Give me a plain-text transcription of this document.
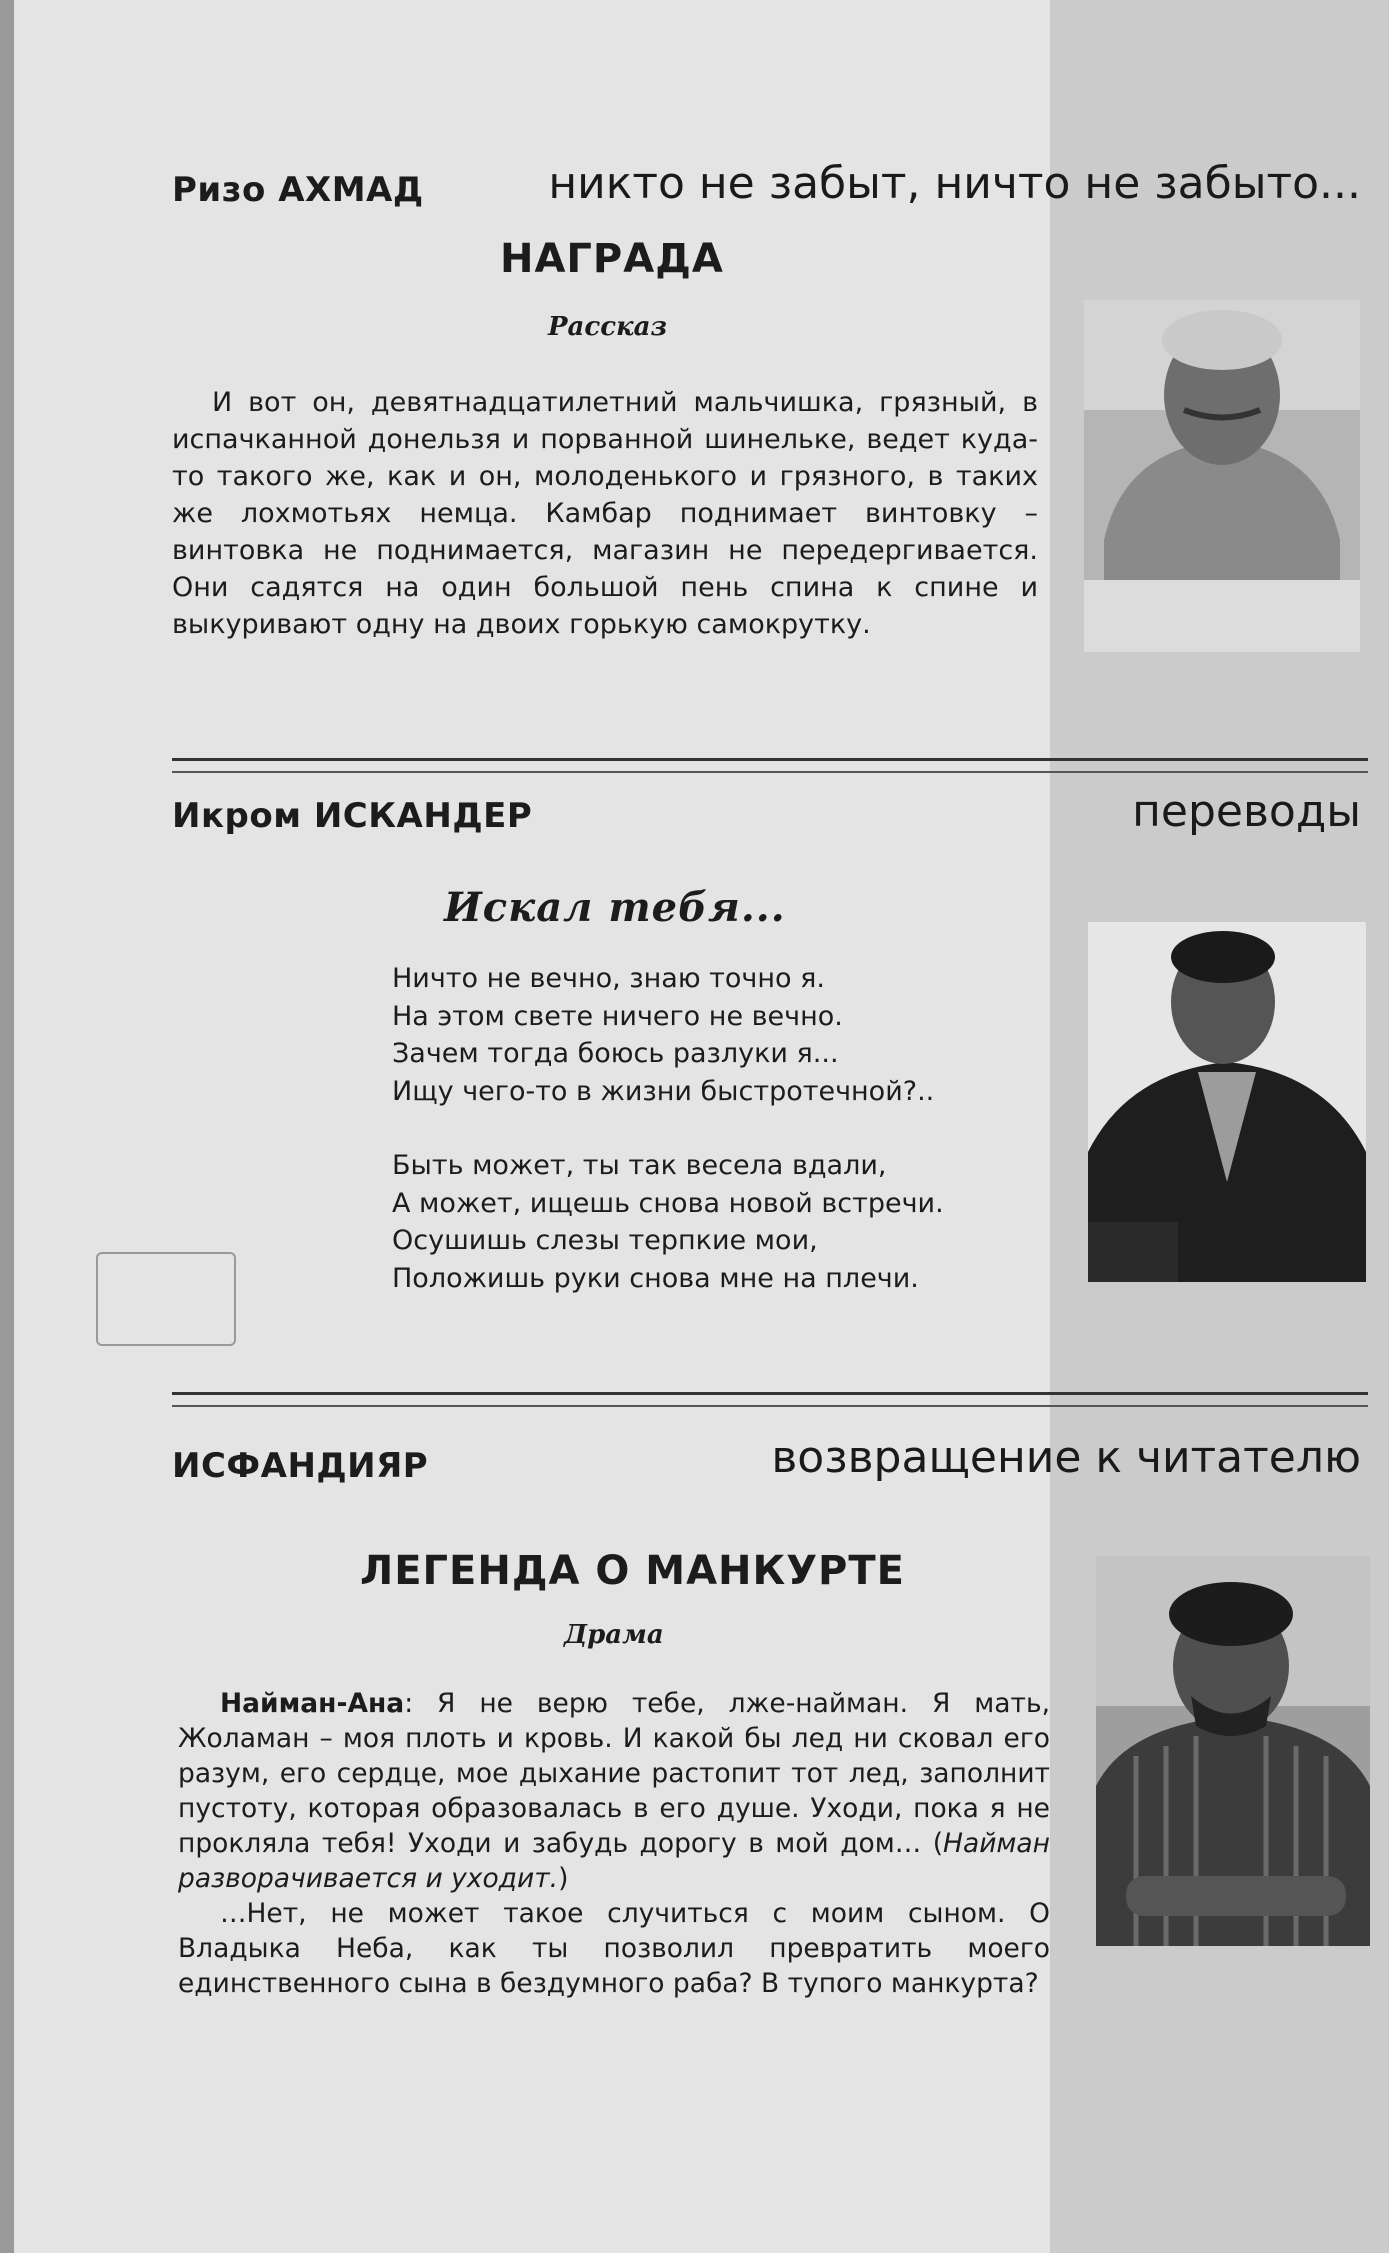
Ризо АХМАД	никто не забыт, ничто не забыто...
НАГРАДА
Рассказ

И вот он, девятнадцатилетний мальчишка, грязный, в испачканной донельзя и порванной шинельке, ведет куда-то такого же, как и он, молоденького и грязного, в таких же лохмотьях немца. Камбар поднимает винтовку – винтовка не поднимается, магазин не передергивается. Они садятся на один большой пень спина к спине и выкуривают одну на двоих горькую самокрутку.

Икром ИСКАНДЕР	переводы
Искал тебя...
Ничто не вечно, знаю точно я.
На этом свете ничего не вечно.
Зачем тогда боюсь разлуки я...
Ищу чего-то в жизни быстротечной?..
Быть может, ты так весела вдали,
А может, ищешь снова новой встречи.
Осушишь слезы терпкие мои,
Положишь руки снова мне на плечи.
ИСФАНДИЯР	возвращение к читателю
ЛЕГЕНДА О МАНКУРТЕ
Драма

Найман-Ана: Я не верю тебе, лже-найман. Я мать, Жоламан – моя плоть и кровь. И какой бы лед ни сковал его разум, его сердце, мое дыхание растопит тот лед, заполнит пустоту, которая образовалась в его душе. Уходи, пока я не прокляла тебя! Уходи и забудь дорогу в мой дом… (Найман разворачивается и уходит.)

…Нет, не может такое случиться с моим сыном. О Владыка Неба, как ты позволил превратить моего единственного сына в бездумного раба? В тупого манкурта?
